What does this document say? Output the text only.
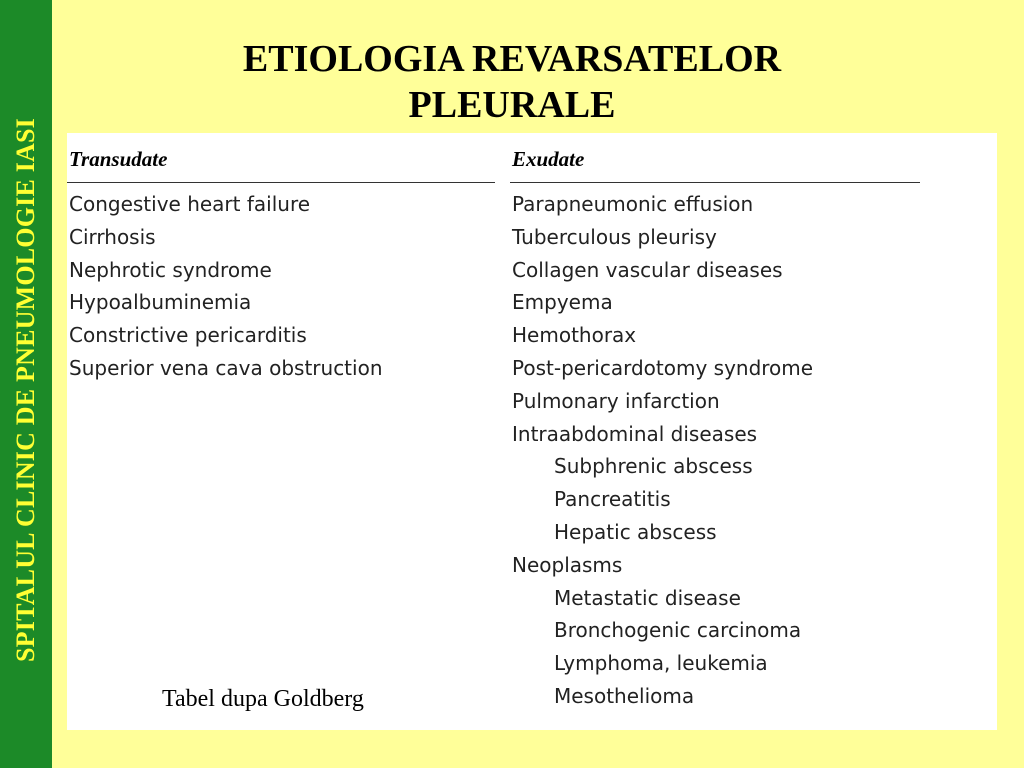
SPITALUL CLINIC DE PNEUMOLOGIE IASI
ETIOLOGIA REVARSATELOR
PLEURALE
Transudate
Congestive heart failure
Cirrhosis
Nephrotic syndrome
Hypoalbuminemia
Constrictive pericarditis
Superior vena cava obstruction
Exudate
Parapneumonic effusion
Tuberculous pleurisy
Collagen vascular diseases
Empyema
Hemothorax
Post-pericardotomy syndrome
Pulmonary infarction
Intraabdominal diseases
Subphrenic abscess
Pancreatitis
Hepatic abscess
Neoplasms
Metastatic disease
Bronchogenic carcinoma
Lymphoma, leukemia
Mesothelioma
Tabel dupa Goldberg
